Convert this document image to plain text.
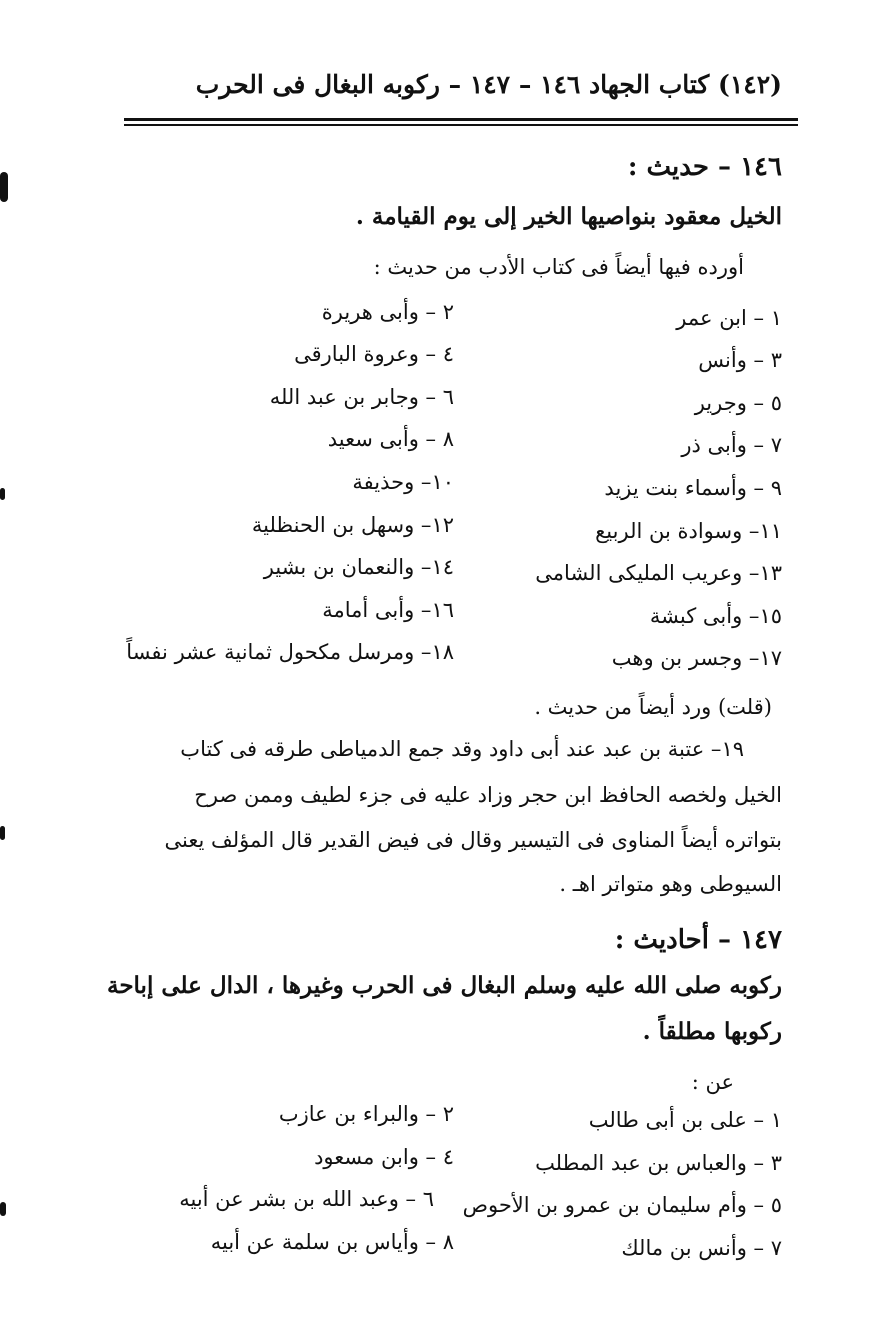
(١٤٢) كتاب الجهاد ١٤٦ – ١٤٧ – ركوبه البغال فى الحرب
١٤٦ – حديث :
الخيل معقود بنواصيها الخير إلى يوم القيامة .
أورده فيها أيضاً فى كتاب الأدب من حديث :
١ – ابن عمر
٢ – وأبى هريرة
٣ – وأنس
٤ – وعروة البارقى
٥ – وجرير
٦ – وجابر بن عبد الله
٧ – وأبى ذر
٨ – وأبى سعيد
٩ – وأسماء بنت يزيد
١٠– وحذيفة
١١– وسوادة بن الربيع
١٢– وسهل بن الحنظلية
١٣– وعريب المليكى الشامى
١٤– والنعمان بن بشير
١٥– وأبى كبشة
١٦– وأبى أمامة
١٧– وجسر بن وهب
١٨– ومرسل مكحول ثمانية عشر نفساً
(قلت) ورد أيضاً من حديث .
١٩– عتبة بن عبد عند أبى داود وقد جمع الدمياطى طرقه فى كتاب
الخيل ولخصه الحافظ ابن حجر وزاد عليه فى جزء لطيف وممن صرح
بتواتره أيضاً المناوى فى التيسير وقال فى فيض القدير قال المؤلف يعنى
السيوطى وهو متواتر اهـ .
١٤٧ – أحاديث :
ركوبه صلى الله عليه وسلم البغال فى الحرب وغيرها ، الدال على إباحة
ركوبها مطلقاً .
عن :
١ – على بن أبى طالب
٢ – والبراء بن عازب
٣ – والعباس بن عبد المطلب
٤ – وابن مسعود
٥ – وأم سليمان بن عمرو بن الأحوص
٦ – وعبد الله بن بشر عن أبيه
٧ – وأنس بن مالك
٨ – وأياس بن سلمة عن أبيه
